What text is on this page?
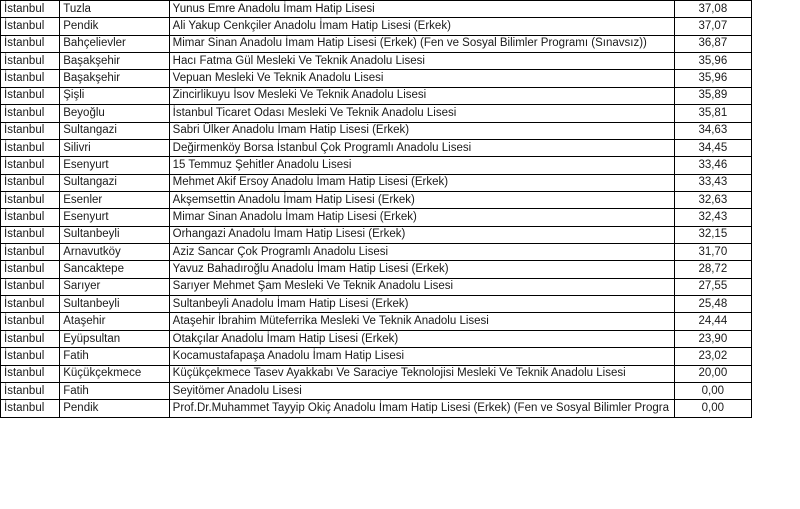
İstanbul	Tuzla	Yunus Emre Anadolu İmam Hatip Lisesi	37,08
İstanbul	Pendik	Ali Yakup Cenkçiler Anadolu İmam Hatip Lisesi (Erkek)	37,07
İstanbul	Bahçelievler	Mimar Sinan Anadolu İmam Hatip Lisesi (Erkek) (Fen ve Sosyal Bilimler Programı (Sınavsız))	36,87
İstanbul	Başakşehir	Hacı Fatma Gül Mesleki Ve Teknik Anadolu Lisesi	35,96
İstanbul	Başakşehir	Vepuan Mesleki Ve Teknik Anadolu Lisesi	35,96
İstanbul	Şişli	Zincirlikuyu İsov Mesleki Ve Teknik Anadolu Lisesi	35,89
İstanbul	Beyoğlu	İstanbul Ticaret Odası Mesleki Ve Teknik Anadolu Lisesi	35,81
İstanbul	Sultangazi	Sabri Ülker Anadolu İmam Hatip Lisesi (Erkek)	34,63
İstanbul	Silivri	Değirmenköy Borsa İstanbul Çok Programlı Anadolu Lisesi	34,45
İstanbul	Esenyurt	15 Temmuz Şehitler Anadolu Lisesi	33,46
İstanbul	Sultangazi	Mehmet Akif Ersoy Anadolu İmam Hatip Lisesi (Erkek)	33,43
İstanbul	Esenler	Akşemsettin Anadolu İmam Hatip Lisesi (Erkek)	32,63
İstanbul	Esenyurt	Mimar Sinan Anadolu İmam Hatip Lisesi (Erkek)	32,43
İstanbul	Sultanbeyli	Orhangazi Anadolu İmam Hatip Lisesi (Erkek)	32,15
İstanbul	Arnavutköy	Aziz Sancar Çok Programlı Anadolu Lisesi	31,70
İstanbul	Sancaktepe	Yavuz Bahadıroğlu Anadolu İmam Hatip Lisesi (Erkek)	28,72
İstanbul	Sarıyer	Sarıyer Mehmet Şam Mesleki Ve Teknik Anadolu Lisesi	27,55
İstanbul	Sultanbeyli	Sultanbeyli Anadolu İmam Hatip Lisesi (Erkek)	25,48
İstanbul	Ataşehir	Ataşehir İbrahim Müteferrika Mesleki Ve Teknik Anadolu Lisesi	24,44
İstanbul	Eyüpsultan	Otakçılar Anadolu İmam Hatip Lisesi (Erkek)	23,90
İstanbul	Fatih	Kocamustafapaşa Anadolu İmam Hatip Lisesi	23,02
İstanbul	Küçükçekmece	Küçükçekmece Tasev Ayakkabı Ve Saraciye Teknolojisi Mesleki Ve Teknik Anadolu Lisesi	20,00
İstanbul	Fatih	Seyitömer Anadolu Lisesi	0,00
İstanbul	Pendik	Prof.Dr.Muhammet Tayyip Okiç Anadolu İmam Hatip Lisesi (Erkek) (Fen ve Sosyal Bilimler Progra	0,00
